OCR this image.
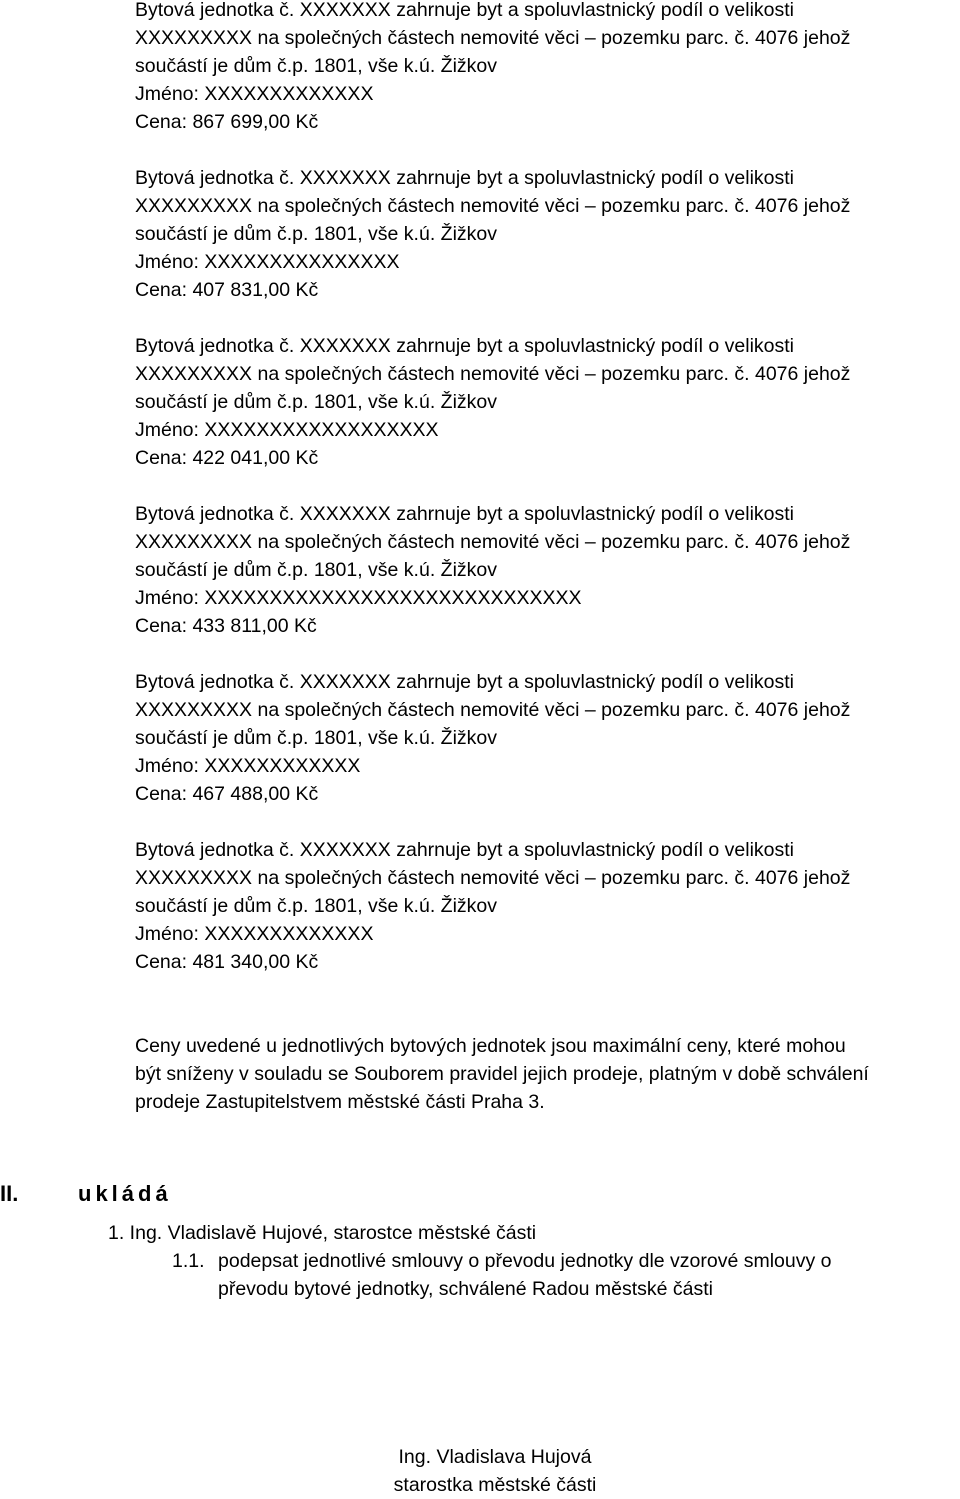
Bytová jednotka č. XXXXXXX zahrnuje byt a spoluvlastnický podíl o velikosti
XXXXXXXXX na společných částech nemovité věci – pozemku parc. č. 4076 jehož
součástí je dům č.p. 1801, vše k.ú. Žižkov
Jméno: XXXXXXXXXXXXX
Cena: 867 699,00 Kč
Bytová jednotka č. XXXXXXX zahrnuje byt a spoluvlastnický podíl o velikosti
XXXXXXXXX na společných částech nemovité věci – pozemku parc. č. 4076 jehož
součástí je dům č.p. 1801, vše k.ú. Žižkov
Jméno: XXXXXXXXXXXXXXX
Cena: 407 831,00 Kč
Bytová jednotka č. XXXXXXX zahrnuje byt a spoluvlastnický podíl o velikosti
XXXXXXXXX na společných částech nemovité věci – pozemku parc. č. 4076 jehož
součástí je dům č.p. 1801, vše k.ú. Žižkov
Jméno: XXXXXXXXXXXXXXXXXX
Cena: 422 041,00 Kč
Bytová jednotka č. XXXXXXX zahrnuje byt a spoluvlastnický podíl o velikosti
XXXXXXXXX na společných částech nemovité věci – pozemku parc. č. 4076 jehož
součástí je dům č.p. 1801, vše k.ú. Žižkov
Jméno: XXXXXXXXXXXXXXXXXXXXXXXXXXXXX
Cena: 433 811,00 Kč
Bytová jednotka č. XXXXXXX zahrnuje byt a spoluvlastnický podíl o velikosti
XXXXXXXXX na společných částech nemovité věci – pozemku parc. č. 4076 jehož
součástí je dům č.p. 1801, vše k.ú. Žižkov
Jméno: XXXXXXXXXXXX
Cena: 467 488,00 Kč
Bytová jednotka č. XXXXXXX zahrnuje byt a spoluvlastnický podíl o velikosti
XXXXXXXXX na společných částech nemovité věci – pozemku parc. č. 4076 jehož
součástí je dům č.p. 1801, vše k.ú. Žižkov
Jméno: XXXXXXXXXXXXX
Cena: 481 340,00 Kč
Ceny uvedené u jednotlivých bytových jednotek jsou maximální ceny, které mohou
být sníženy v souladu se Souborem pravidel jejich prodeje, platným v době schválení
prodeje Zastupitelstvem městské části Praha 3.
II.	ukládá
1. Ing. Vladislavě Hujové, starostce městské části
1.1. podepsat jednotlivé smlouvy o převodu jednotky dle vzorové smlouvy o
převodu bytové jednotky, schválené Radou městské části
Ing. Vladislava Hujová
starostka městské části
